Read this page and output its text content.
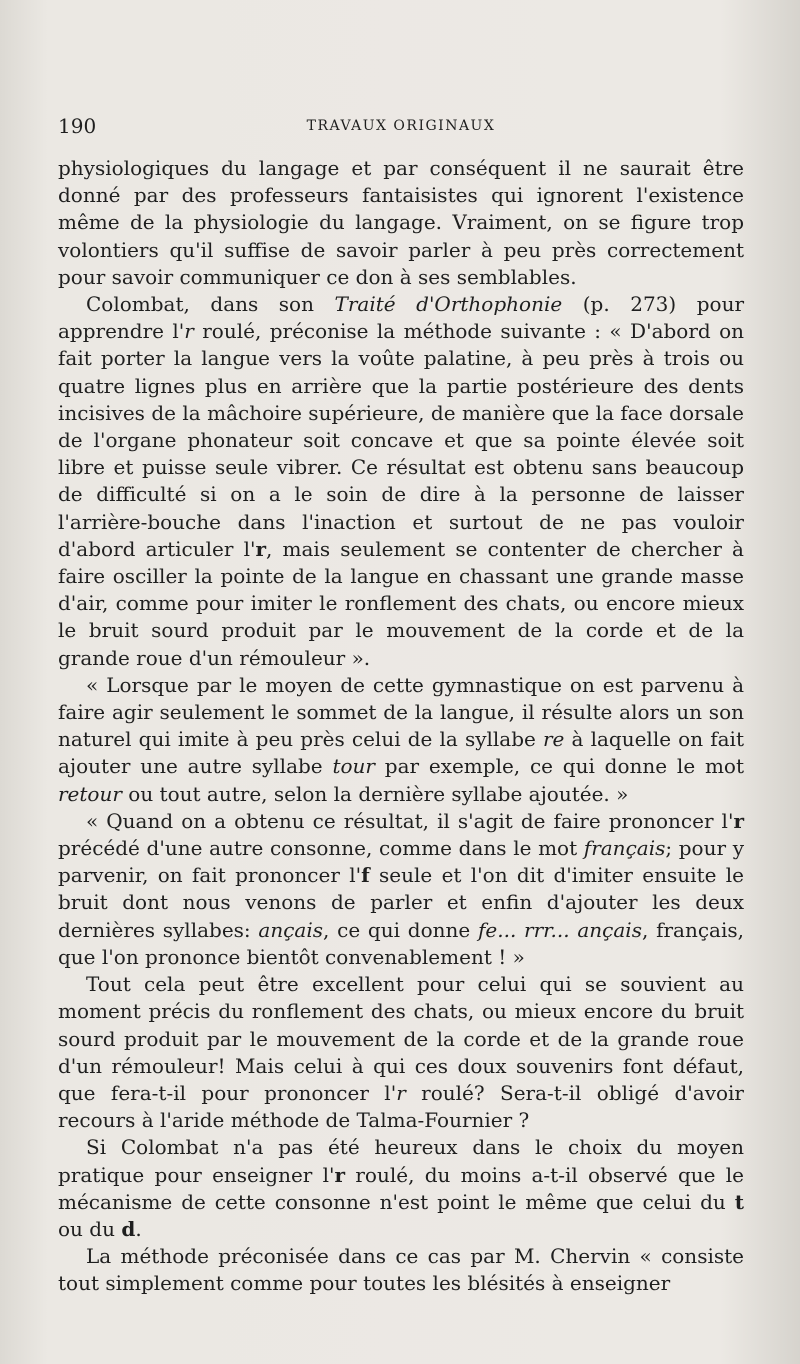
190	TRAVAUX ORIGINAUX

physiologiques du langage et par conséquent il ne saurait être donné par des professeurs fantaisistes qui ignorent l'existence même de la physiologie du langage. Vraiment, on se figure trop volontiers qu'il suffise de savoir parler à peu près correctement pour savoir communiquer ce don à ses semblables.

Colombat, dans son Traité d'Orthophonie (p. 273) pour apprendre l'r roulé, préconise la méthode suivante : « D'abord on fait porter la langue vers la voûte palatine, à peu près à trois ou quatre lignes plus en arrière que la partie postérieure des dents incisives de la mâchoire supérieure, de manière que la face dorsale de l'organe phonateur soit concave et que sa pointe élevée soit libre et puisse seule vibrer. Ce résultat est obtenu sans beaucoup de difficulté si on a le soin de dire à la personne de laisser l'arrière-bouche dans l'inaction et surtout de ne pas vouloir d'abord articuler l'r, mais seulement se contenter de chercher à faire osciller la pointe de la langue en chassant une grande masse d'air, comme pour imiter le ronflement des chats, ou encore mieux le bruit sourd produit par le mouvement de la corde et de la grande roue d'un rémouleur ».

« Lorsque par le moyen de cette gymnastique on est parvenu à faire agir seulement le sommet de la langue, il résulte alors un son naturel qui imite à peu près celui de la syllabe re à laquelle on fait ajouter une autre syllabe tour par exemple, ce qui donne le mot retour ou tout autre, selon la dernière syllabe ajoutée. »

« Quand on a obtenu ce résultat, il s'agit de faire prononcer l'r précédé d'une autre consonne, comme dans le mot français; pour y parvenir, on fait prononcer l'f seule et l'on dit d'imiter ensuite le bruit dont nous venons de parler et enfin d'ajouter les deux dernières syllabes: ançais, ce qui donne fe... rrr... ançais, français, que l'on prononce bientôt convenablement ! »

Tout cela peut être excellent pour celui qui se souvient au moment précis du ronflement des chats, ou mieux encore du bruit sourd produit par le mouvement de la corde et de la grande roue d'un rémouleur! Mais celui à qui ces doux souvenirs font défaut, que fera-t-il pour prononcer l'r roulé? Sera-t-il obligé d'avoir recours à l'aride méthode de Talma-Fournier ?

Si Colombat n'a pas été heureux dans le choix du moyen pratique pour enseigner l'r roulé, du moins a-t-il observé que le mécanisme de cette consonne n'est point le même que celui du t ou du d.

La méthode préconisée dans ce cas par M. Chervin « consiste tout simplement comme pour toutes les blésités à enseigner
